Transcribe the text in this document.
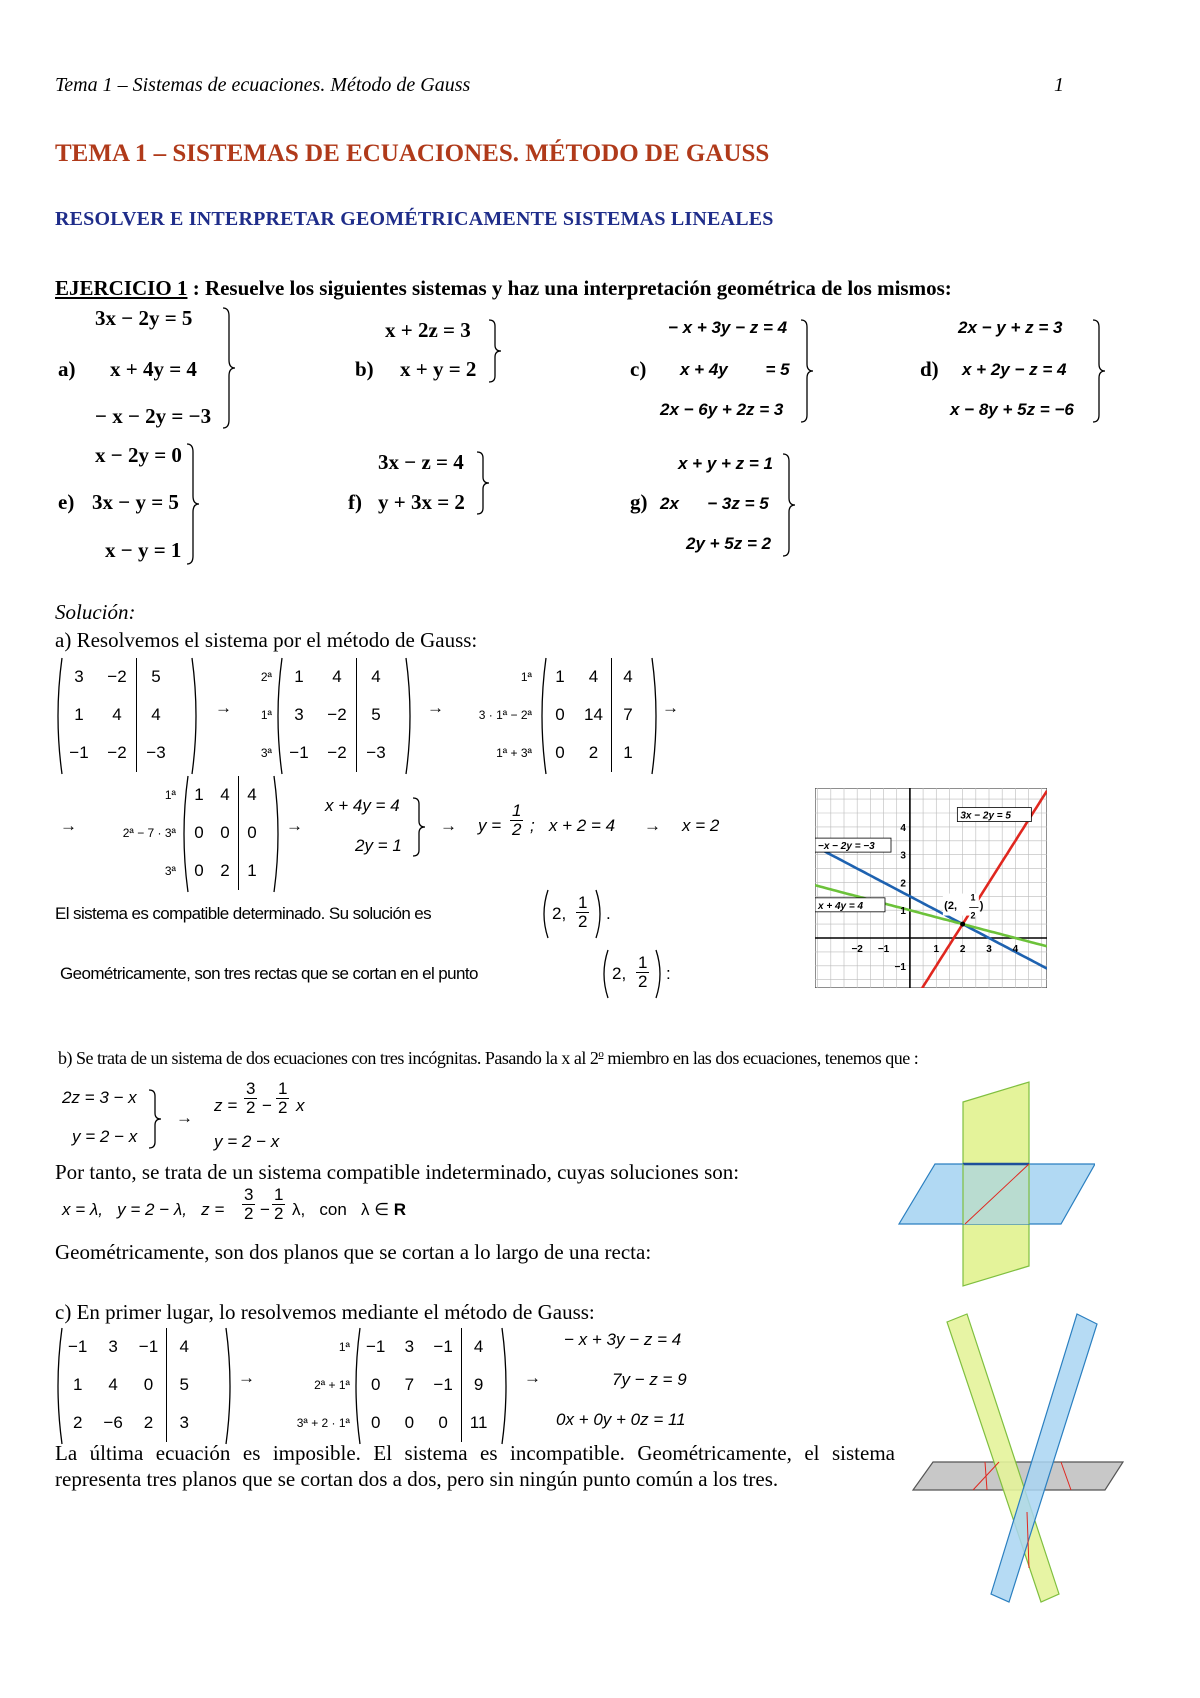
Tema 1 – Sistemas de ecuaciones. Método de Gauss	1
TEMA 1 – SISTEMAS DE ECUACIONES. MÉTODO DE GAUSS
RESOLVER E INTERPRETAR GEOMÉTRICAMENTE SISTEMAS LINEALES
EJERCICIO 1 : Resuelve los siguientes sistemas y haz una interpretación geométrica de los mismos:
a)
3x − 2y = 5
x + 4y = 4
− x − 2y = −3
b)
x + 2z = 3
x + y = 2	c)
− x + 3y − z = 4
x + 4y        = 5
2x − 6y + 2z = 3
d)
2x − y + z = 3
x + 2y − z = 4
x − 8y + 5z = −6
e)
x − 2y = 0
3x − y = 5
x − y = 1
f)
3x − z = 4
y + 3x = 2	g)
x + y + z = 1
2x      − 3z = 5
2y + 5z = 2
Solución:
a) Resolvemos el sistema por el método de Gauss:
3	−2	5
1	4	4
−1	−2	−3
→
2ª
1ª
3ª
1	4	4
3	−2	5
−1	−2	−3
→
1ª
3 · 1ª − 2ª
1ª + 3ª
1	4	4
0	14	7
0	2	1
→
→
1ª
2ª − 7 · 3ª
3ª
1	4	4
0	0	0
0	2	1
→
x + 4y = 4
2y = 1
→ $y = \frac{1}{2}$ ;   x + 2 = 4 → x = 2
El sistema es compatible determinado. Su solución es	2, $\frac{1}{2}$ .
Geométricamente, son tres rectas que se cortan en el punto	2, $\frac{1}{2}$ :
−2 −1	1 2 3 4
4
3
2
1
−1
3x − 2y = 5
−x − 2y = −3
x + 4y = 4	(2,
1
2
)
b) Se trata de un sistema de dos ecuaciones con tres incógnitas. Pasando la x al 2$^o$ miembro en las dos ecuaciones, tenemos que :
2z = 3 − x
y = 2 − x
→
$z = \frac{3}{2} - \frac{1}{2}$ x
y = 2 − x
Por tanto, se trata de un sistema compatible indeterminado, cuyas soluciones son:
x = λ,   y = 2 − λ,   $z = \frac{3}{2} - \frac{1}{2} \lambda$,   con   λ ∈ R
Geométricamente, son dos planos que se cortan a lo largo de una recta:
c) En primer lugar, lo resolvemos mediante el método de Gauss:
−1	3	−1	4
1	4	0	5
2	−6	2	3
→
1ª
2ª + 1ª
3ª + 2 · 1ª
−1	3	−1	4
0	7	−1	9
0	0	0	11
→
− x + 3y − z = 4
7y − z = 9
0x + 0y + 0z = 11
La última ecuación es imposible. El sistema es incompatible. Geométricamente, el sistema representa tres planos que se cortan dos a dos, pero sin ningún punto común a los tres.
